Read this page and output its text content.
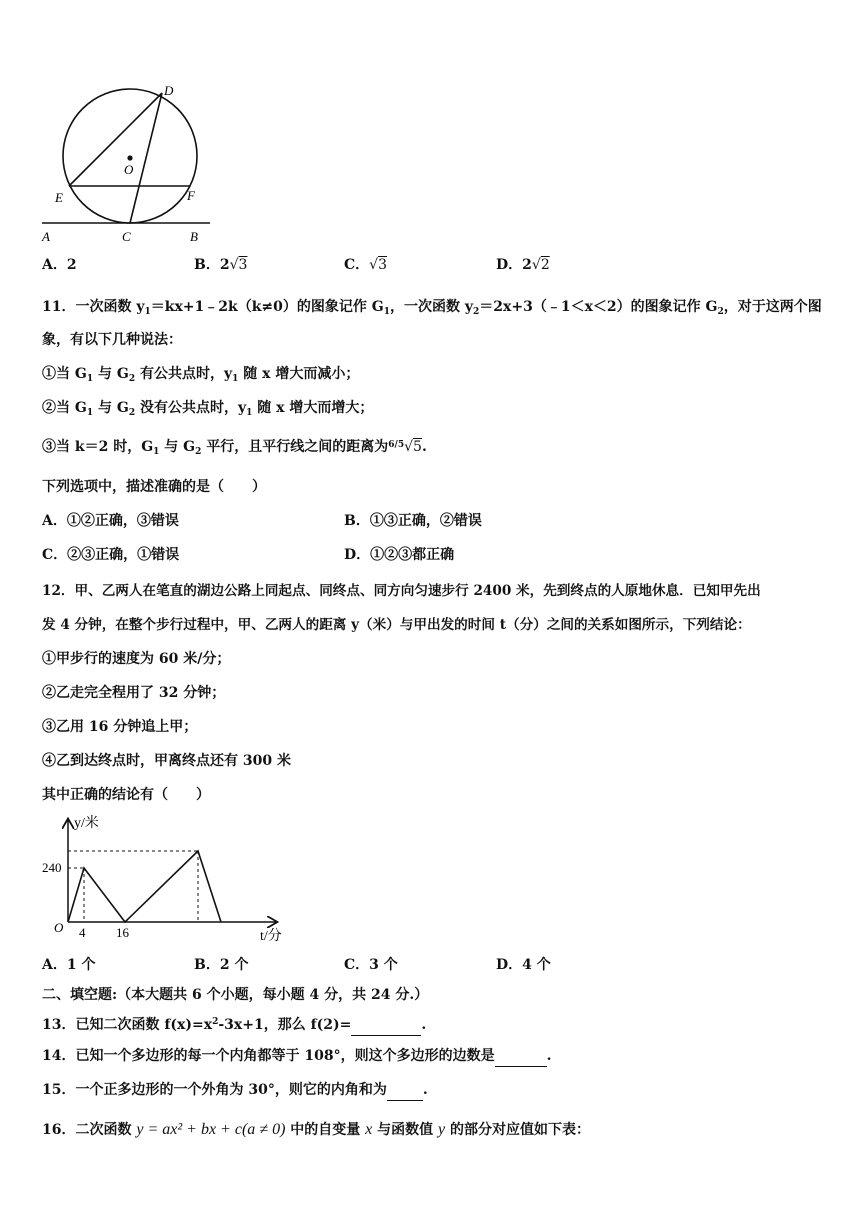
D
O
E	F
A	C	B
A．2	B．2√3	C．√3	D．2√2
11．一次函数 $y_1=kx+1﹣2k(k\ne 0)$的图象记作 $G_1$，一次函数 $y_2=2x+3(﹣1<x<2)$的图象记作 $G_2$，对于这两个图
象，有以下几种说法：
①当 $G_1$ 与 $G_2$ 有公共点时，$y_1$ 随 x 增大而减小；
②当 $G_1$ 与 $G_2$ 没有公共点时，$y_1$ 随 x 增大而增大；
③当 k＝2 时，$G_1$ 与 $G_2$ 平行，且平行线之间的距离为$^{6/5}$√5.
下列选项中，描述准确的是（　　）
A．①②正确，③错误	B．①③正确，②错误
C．②③正确，①错误	D．①②③都正确
12．甲、乙两人在笔直的湖边公路上同起点、同终点、同方向匀速步行 2400 米，先到终点的人原地休息．已知甲先出
发 4 分钟，在整个步行过程中，甲、乙两人的距离 y（米）与甲出发的时间 t（分）之间的关系如图所示，下列结论：
①甲步行的速度为 60 米/分；
②乙走完全程用了 32 分钟；
③乙用 16 分钟追上甲；
④乙到达终点时，甲离终点还有 300 米
其中正确的结论有（　　）
y/米
t/分
O
240
4 16
A．1 个	B．2 个	C．3 个	D．4 个
二、填空题:（本大题共 6 个小题，每小题 4 分，共 24 分.）
13．已知二次函数 $f(x)=x^2-3x+1$，那么 f(2)=	.
14．已知一个多边形的每一个内角都等于 108°，则这个多边形的边数是	.
15．一个正多边形的一个外角为 30°，则它的内角和为	.
16．二次函数 y = ax² + bx + c(a ≠ 0) 中的自变量 x 与函数值 y 的部分对应值如下表：
